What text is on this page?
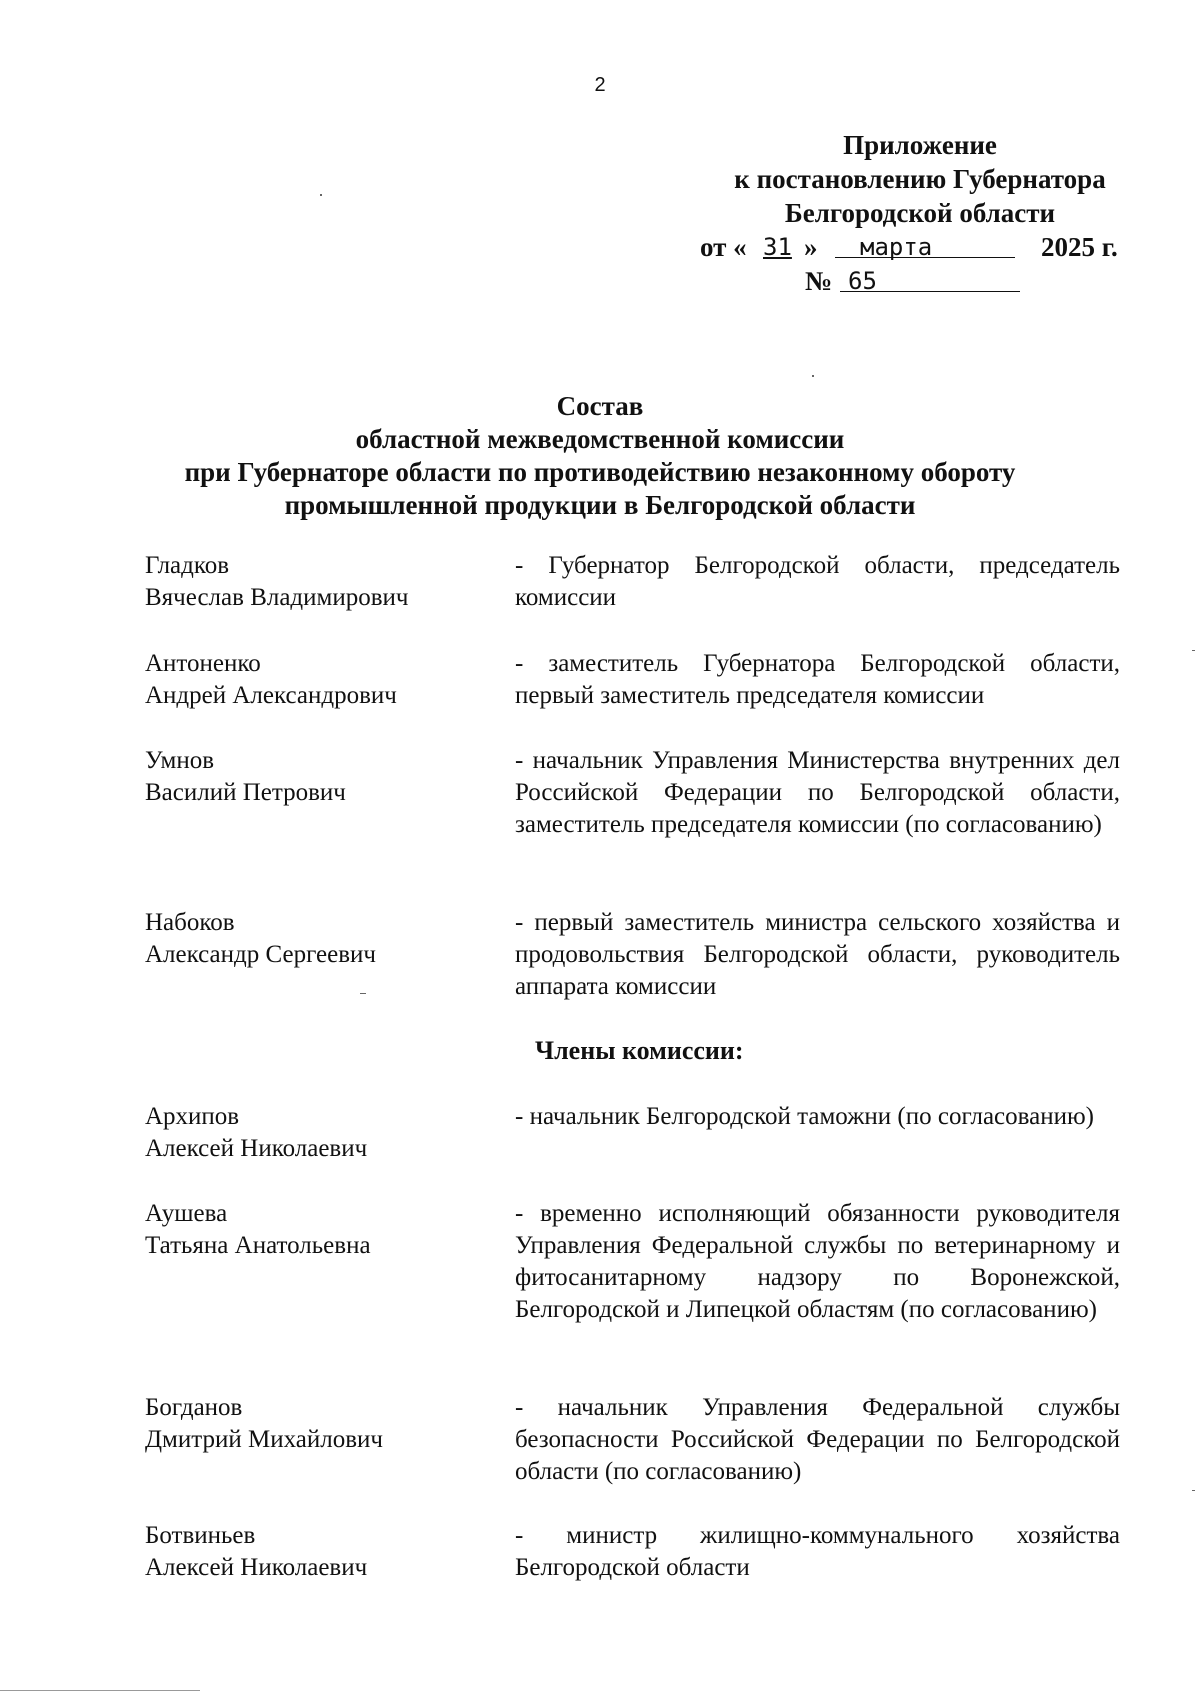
2
Приложение
к постановлению Губернатора
Белгородской области
от « 31 »	марта	2025 г.
№ 65
Состав
областной межведомственной комиссии
при Губернаторе области по противодействию незаконному обороту
промышленной продукции в Белгородской области
Гладков
Вячеслав Владимирович
- Губернатор Белгородской области, председатель комиссии
Антоненко
Андрей Александрович
- заместитель Губернатора Белгородской области, первый заместитель председателя комиссии
Умнов
Василий Петрович
- начальник Управления Министерства внутренних дел Российской Федерации по Белгородской области, заместитель председателя комиссии (по согласованию)
Набоков
Александр Сергеевич
- первый заместитель министра сельского хозяйства и продовольствия Белгородской области, руководитель аппарата комиссии
Архипов
Алексей Николаевич
- начальник Белгородской таможни (по согласованию)
Аушева
Татьяна Анатольевна
- временно исполняющий обязанности руководителя Управления Федеральной службы по ветеринарному и фитосанитарному надзору по Воронежской, Белгородской и Липецкой областям (по согласованию)
Богданов
Дмитрий Михайлович
- начальник Управления Федеральной службы безопасности Российской Федерации по Белгородской области (по согласованию)
Ботвиньев
Алексей Николаевич
- министр жилищно-коммунального хозяйства Белгородской области
Члены комиссии:
